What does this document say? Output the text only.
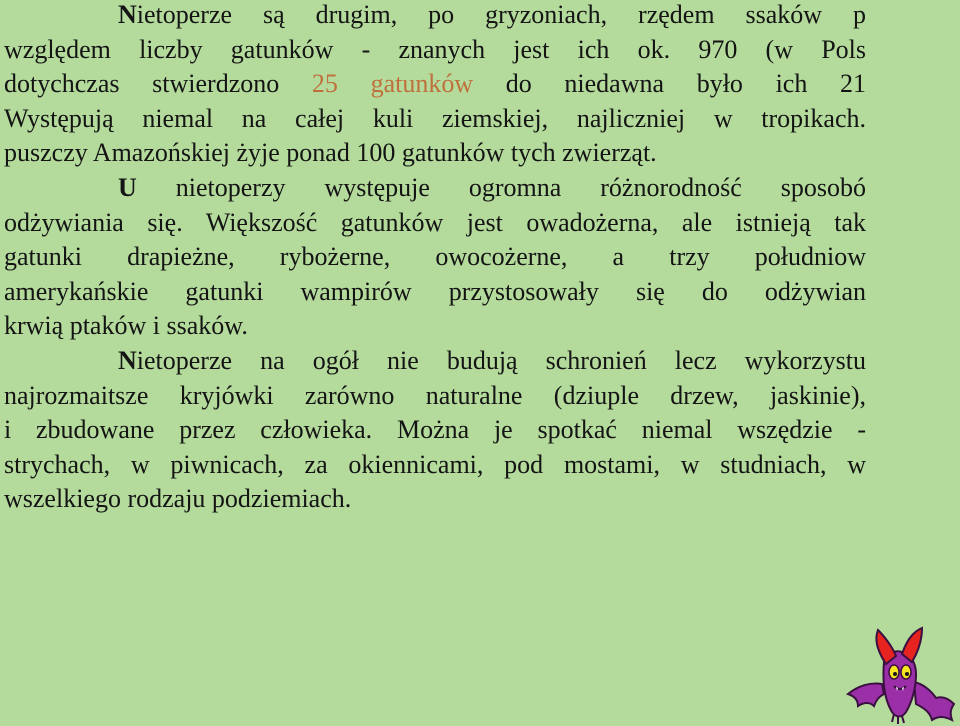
Nietoperze są drugim, po gryzoniach, rzędem ssaków p
względem liczby gatunków - znanych jest ich ok. 970 (w Pols
dotychczas stwierdzono 25 gatunków do niedawna było ich 21
Występują niemal na całej kuli ziemskiej, najliczniej w tropikach.
puszczy Amazońskiej żyje ponad 100 gatunków tych zwierząt.
U nietoperzy występuje ogromna różnorodność sposobó
odżywiania się. Większość gatunków jest owadożerna, ale istnieją tak
gatunki drapieżne, rybożerne, owocożerne, a trzy południow
amerykańskie gatunki wampirów przystosowały się do odżywian
krwią ptaków i ssaków.
Nietoperze na ogół nie budują schronień lecz wykorzystu
najrozmaitsze kryjówki zarówno naturalne (dziuple drzew, jaskinie),
i zbudowane przez człowieka. Można je spotkać niemal wszędzie -
strychach, w piwnicach, za okiennicami, pod mostami, w studniach, w
wszelkiego rodzaju podziemiach.
